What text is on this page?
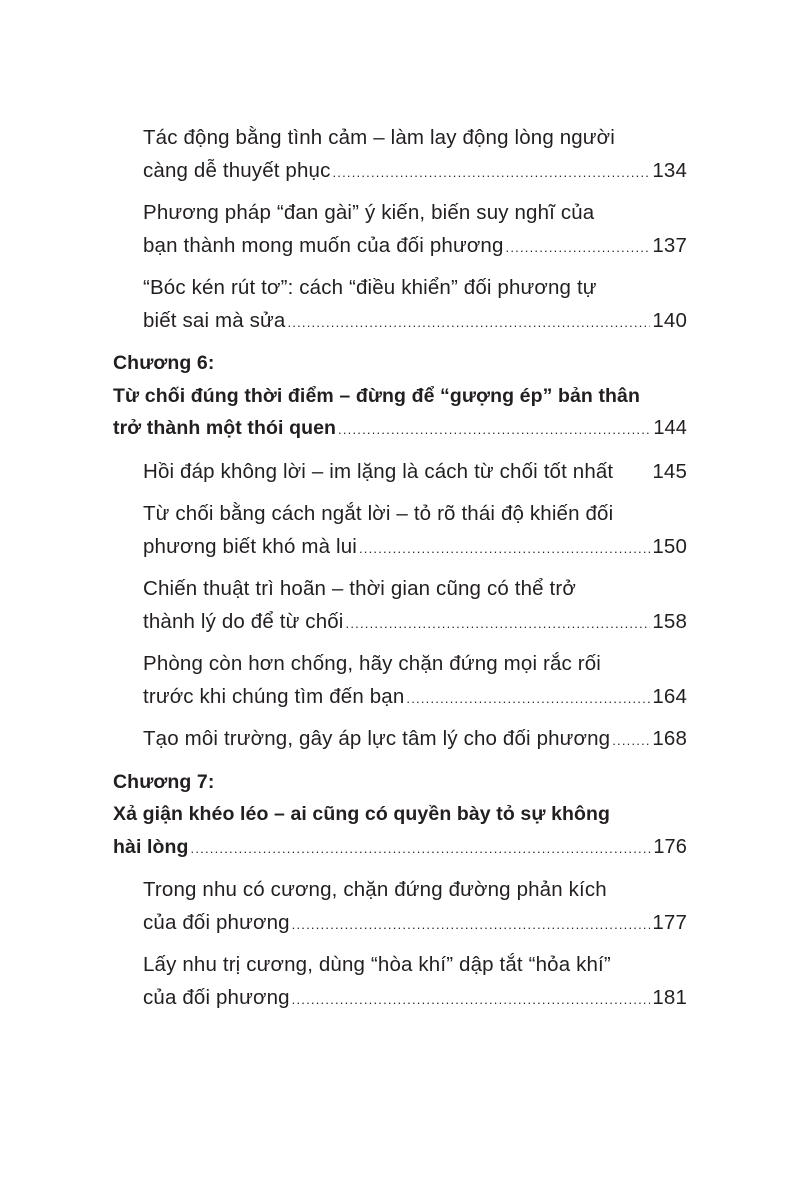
Tác động bằng tình cảm – làm lay động lòng người
càng dễ thuyết phục .....	134
Phương pháp “đan gài” ý kiến, biến suy nghĩ của
bạn thành mong muốn của đối phương .....	137
“Bóc kén rút tơ”: cách “điều khiển” đối phương tự
biết sai mà sửa .....	140
Chương 6:
Từ chối đúng thời điểm – đừng để “gượng ép” bản thân
trở thành một thói quen .....	144
Hồi đáp không lời – im lặng là cách từ chối tốt nhất 145
Từ chối bằng cách ngắt lời – tỏ rõ thái độ khiến đối
phương biết khó mà lui .....	150
Chiến thuật trì hoãn – thời gian cũng có thể trở
thành lý do để từ chối .....	158
Phòng còn hơn chống, hãy chặn đứng mọi rắc rối
trước khi chúng tìm đến bạn .....	164
Tạo môi trường, gây áp lực tâm lý cho đối phương ..... 168
Chương 7:
Xả giận khéo léo – ai cũng có quyền bày tỏ sự không
hài lòng .....	176
Trong nhu có cương, chặn đứng đường phản kích
của đối phương .....	177
Lấy nhu trị cương, dùng “hòa khí” dập tắt “hỏa khí”
của đối phương .....	181
